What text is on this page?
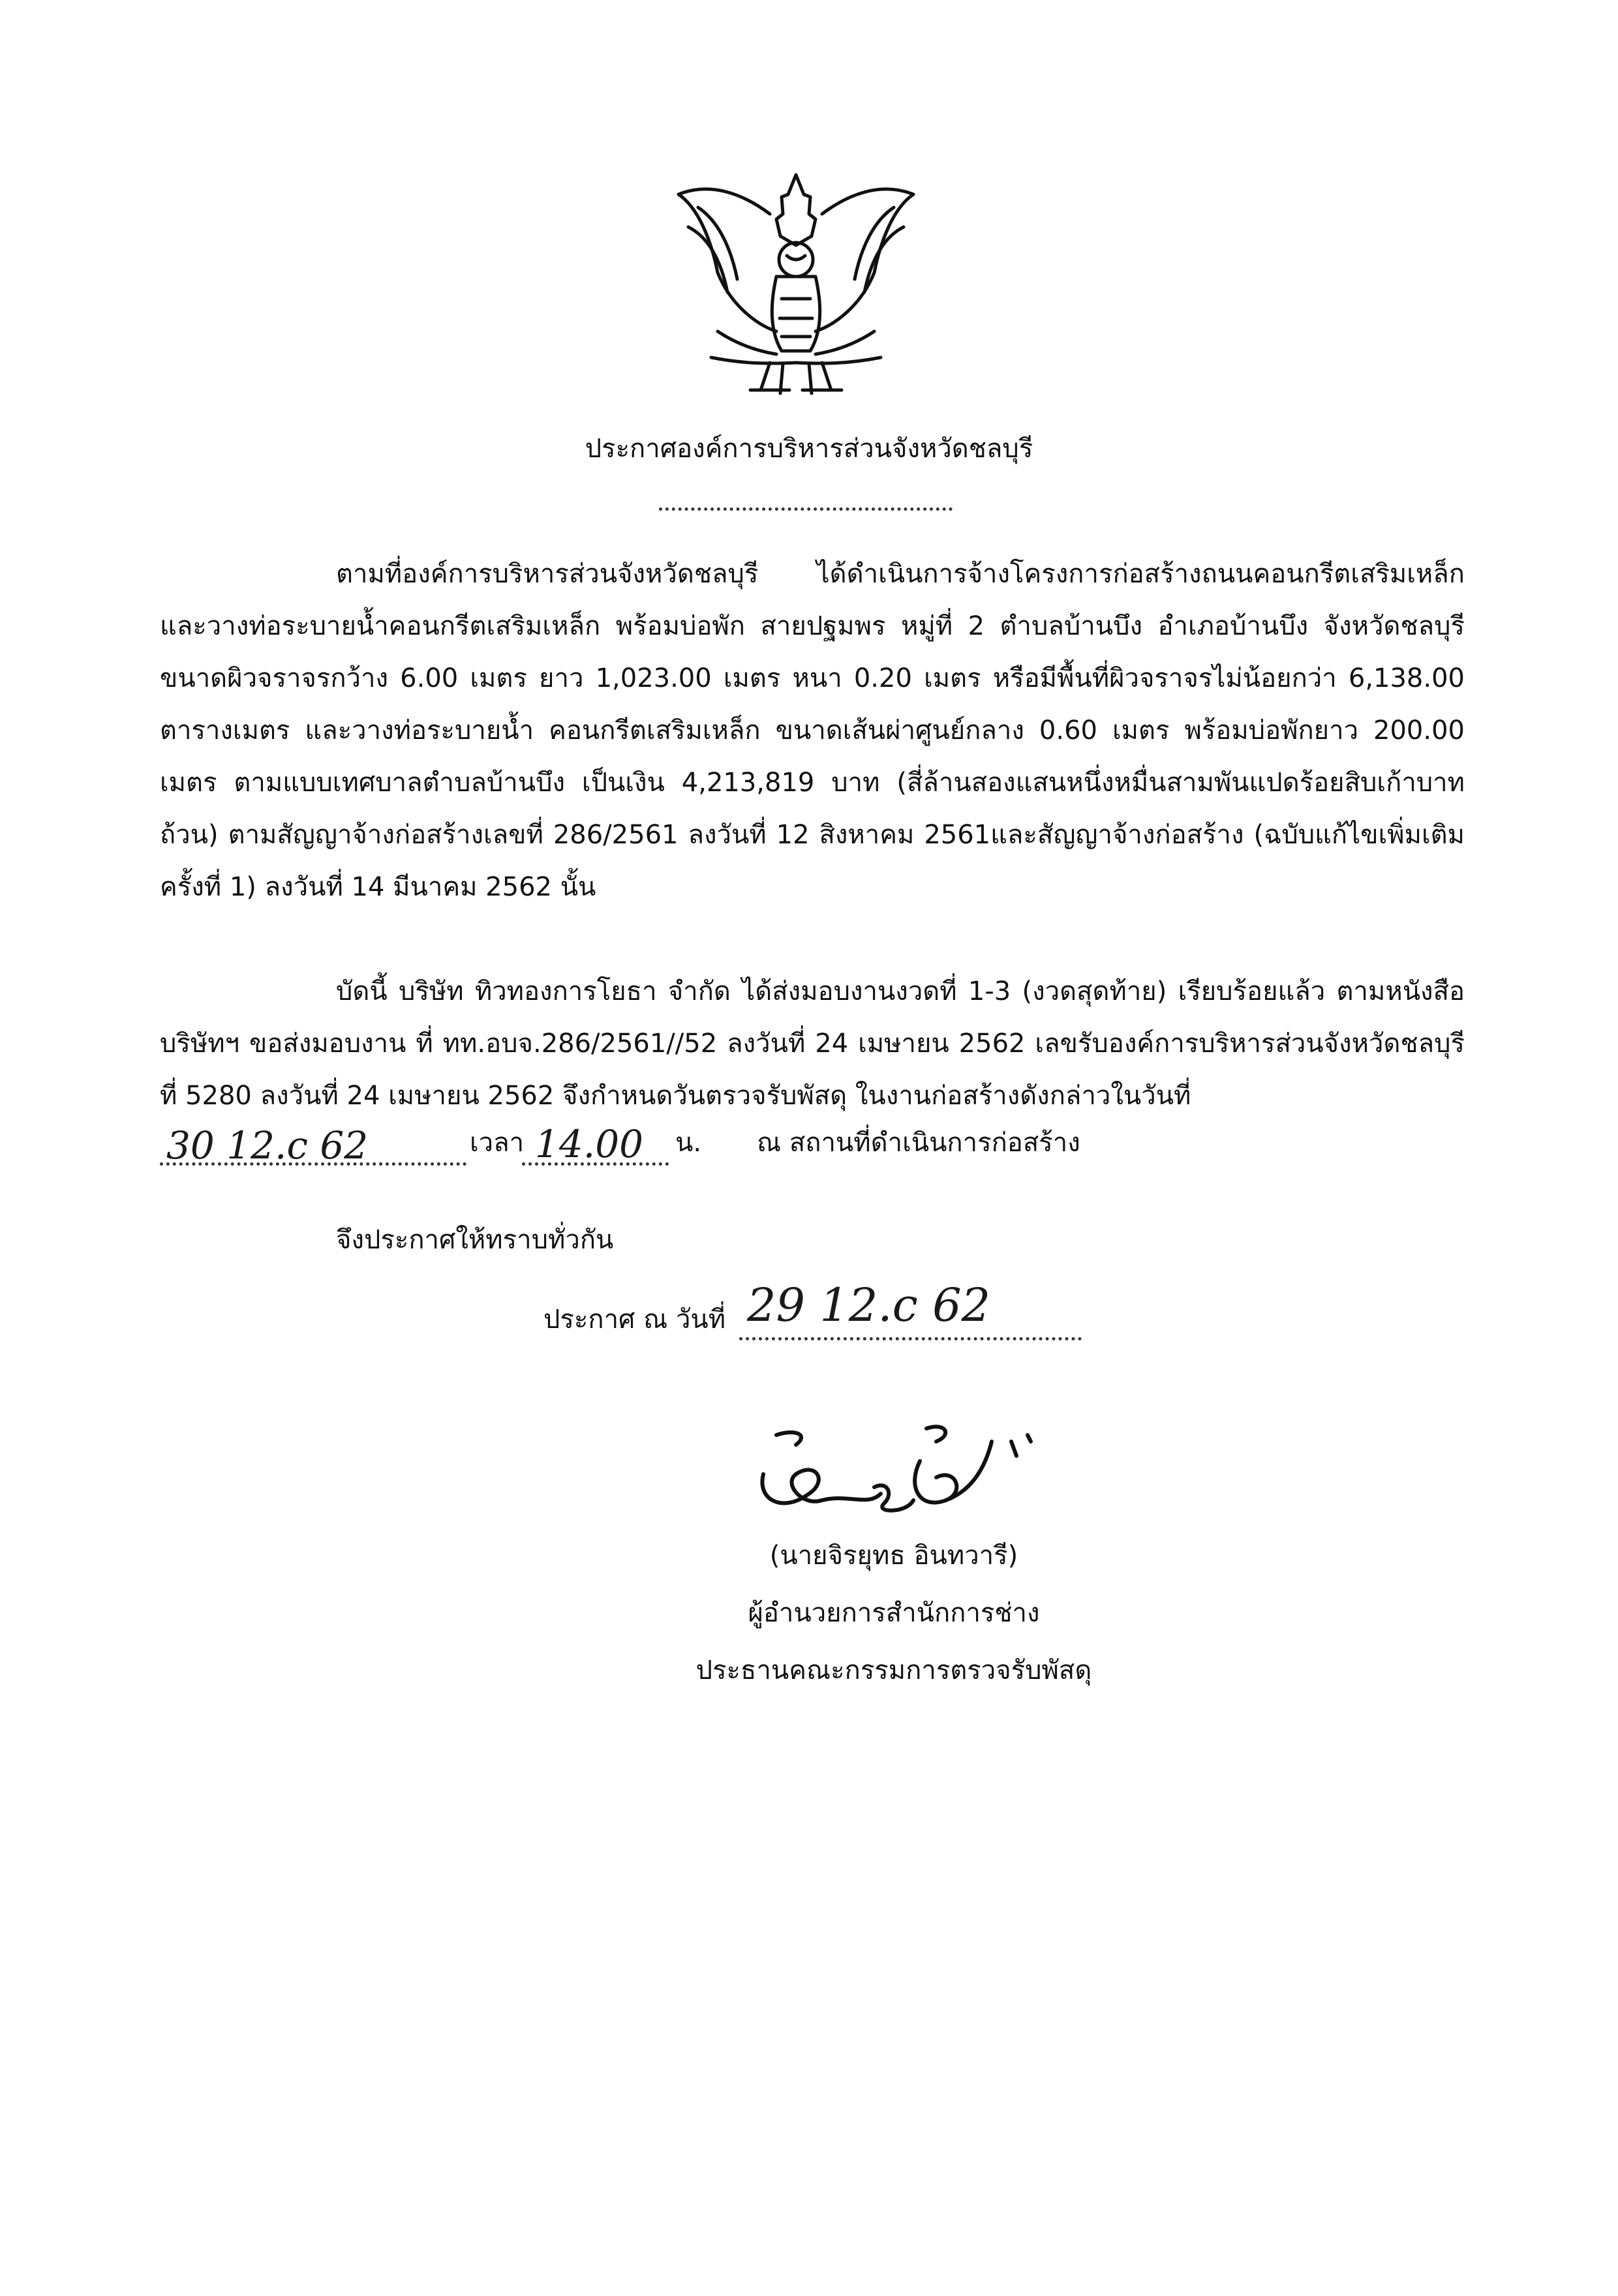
ประกาศองค์การบริหารส่วนจังหวัดชลบุรี
ตามที่องค์การบริหารส่วนจังหวัดชลบุรี ได้ดำเนินการจ้างโครงการก่อสร้างถนนคอนกรีตเสริมเหล็ก และวางท่อระบายน้ำคอนกรีตเสริมเหล็ก พร้อมบ่อพัก สายปฐมพร หมู่ที่ 2 ตำบลบ้านบึง อำเภอบ้านบึง จังหวัดชลบุรี ขนาดผิวจราจรกว้าง 6.00 เมตร ยาว 1,023.00 เมตร หนา 0.20 เมตร หรือมีพื้นที่ผิวจราจรไม่น้อยกว่า 6,138.00 ตารางเมตร และวางท่อระบายน้ำ คอนกรีตเสริมเหล็ก ขนาดเส้นผ่าศูนย์กลาง 0.60 เมตร พร้อมบ่อพักยาว 200.00 เมตร ตามแบบเทศบาลตำบลบ้านบึง เป็นเงิน 4,213,819 บาท (สี่ล้านสองแสนหนึ่งหมื่นสามพันแปดร้อยสิบเก้าบาทถ้วน) ตามสัญญาจ้างก่อสร้างเลขที่ 286/2561 ลงวันที่ 12 สิงหาคม 2561และสัญญาจ้างก่อสร้าง (ฉบับแก้ไขเพิ่มเติม ครั้งที่ 1) ลงวันที่ 14 มีนาคม 2562 นั้น
บัดนี้ บริษัท ทิวทองการโยธา จำกัด ได้ส่งมอบงานงวดที่ 1-3 (งวดสุดท้าย) เรียบร้อยแล้ว ตามหนังสือบริษัทฯ ขอส่งมอบงาน ที่ ทท.อบจ.286/2561//52 ลงวันที่ 24 เมษายน 2562 เลขรับองค์การบริหารส่วนจังหวัดชลบุรี ที่ 5280 ลงวันที่ 24 เมษายน 2562 จึงกำหนดวันตรวจรับพัสดุ ในงานก่อสร้างดังกล่าวในวันที่
30 12.c 62	เวลา 14.00 น. ณ สถานที่ดำเนินการก่อสร้าง
จึงประกาศให้ทราบทั่วกัน
ประกาศ ณ วันที่ 29 12.c 62
(นายจิรยุทธ อินทวารี)
ผู้อำนวยการสำนักการช่าง
ประธานคณะกรรมการตรวจรับพัสดุ
